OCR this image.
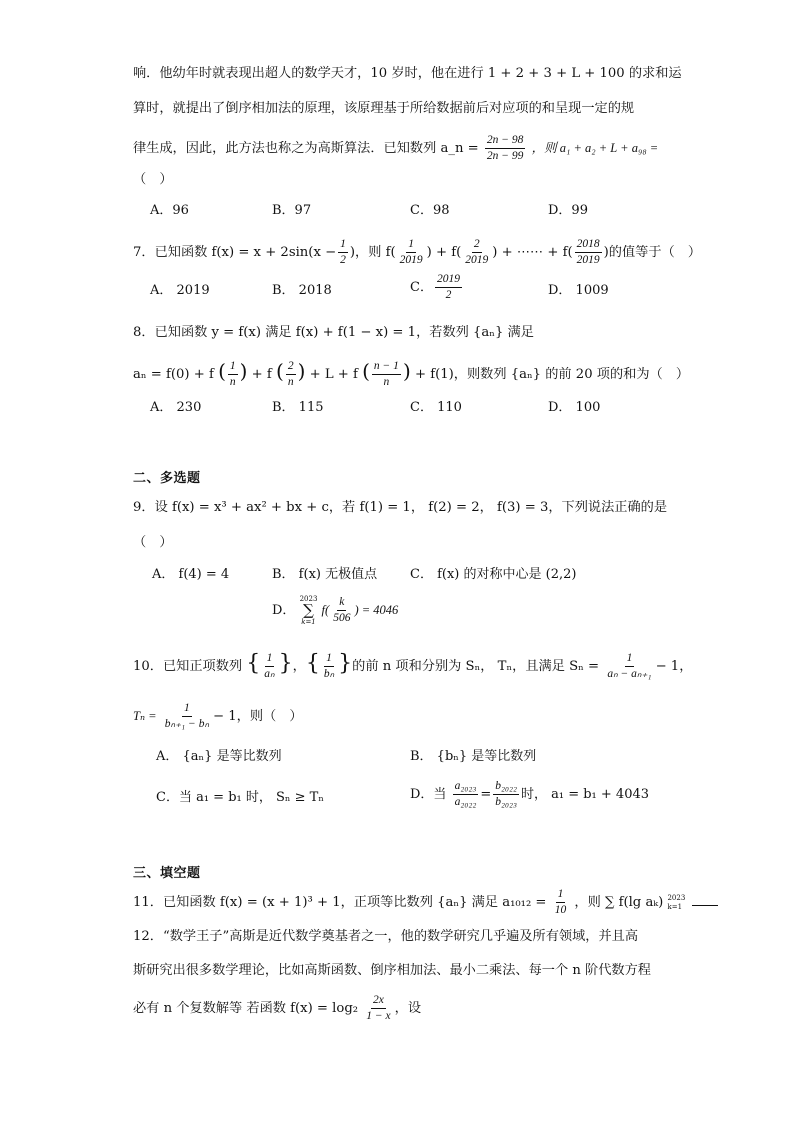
响．他幼年时就表现出超人的数学天才，10 岁时，他在进行 1 + 2 + 3 + L + 100 的求和运
算时，就提出了倒序相加法的原理，该原理基于所给数据前后对应项的和呈现一定的规
律生成，因此，此方法也称之为高斯算法．已知数列 a_n = $\frac{2n - 98}{2n - 99}$ ，则 a₁ + a₂ + L + a₉₈ =
（　）
A．96	B．97	C．98	D．99
7．已知函数 $f(x) = x + 2\sin(x - \frac{1}{2}$ )，则 $f( \frac{1}{2019}$ ) + $f( \frac{2}{2019}$ ) + ⋯⋯ + $f( \frac{2018}{2019}$ )的值等于（　）
A． 2019	B． 2018	C． $\frac{2019}{2}$	D． 1009
8．已知函数 y = f(x) 满足 f(x) + f(1 − x) = 1，若数列 {aₙ} 满足
aₙ = f(0) + f ( $\frac{1}{n}$ ) + f ( $\frac{2}{n}$ ) + L + f ( $\frac{n - 1}{n}$ ) + f(1)，则数列 {aₙ} 的前 20 项的和为（　）
A． 230	B． 115	C． 110	D． 100
二、多选题
9．设 f(x) = x³ + ax² + bx + c，若 f(1) = 1， f(2) = 2， f(3) = 3，下列说法正确的是
（　）
A． f(4) = 4	B． f(x) 无极值点	C． f(x) 的对称中心是 (2,2)
D．
2023
∑
k=1
$f( \frac{k}{506}$ ) = 4046
10．已知正项数列 { $\frac{1}{\text{aₙ}}$ }，{ $\frac{1}{\text{bₙ}}$ }的前 n 项和分别为 Sₙ， Tₙ，且满足 $S_n = \frac{1}{\text{aₙ − aₙ₊₁}} - 1$，
$T_n = \frac{1}{\text{bₙ₊₁ − bₙ}} - 1$，则（　）
A． {aₙ} 是等比数列	B． {bₙ} 是等比数列
C．当 a₁ = b₁ 时， Sₙ ≥ Tₙ	D．当 $\frac{\text{a₂₀₂₃}}{\text{a₂₀₂₂}} = \frac{\text{b₂₀₂₂}}{\text{b₂₀₂₃}}$ 时， a₁ = b₁ + 4043
三、填空题
11．已知函数 f(x) = (x + 1)³ + 1，正项等比数列 {aₙ} 满足 $a_{1012} = \frac{1}{10}$ ，则 ∑ f(lg aₖ) 2023
k=1

12．“数学王子”高斯是近代数学奠基者之一，他的数学研究几乎遍及所有领域，并且高
斯研究出很多数学理论，比如高斯函数、倒序相加法、最小二乘法、每一个 n 阶代数方程
必有 n 个复数解等 若函数 $f(x) = \log_2 \frac{2x}{1 - x}$ ，设
